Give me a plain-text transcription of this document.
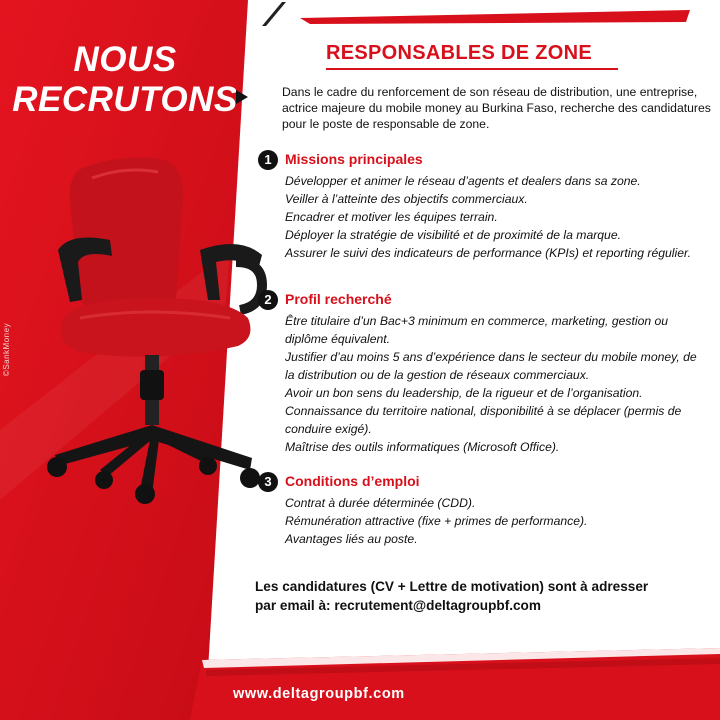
NOUS
RECRUTONS
©SankMoney
RESPONSABLES DE ZONE
Dans le cadre du renforcement de son réseau de distribution, une entreprise, actrice majeure du mobile money au Burkina Faso, recherche des candidatures pour le poste de responsable de zone.
1 Missions principales
Développer et animer le réseau d’agents et dealers dans sa zone.
Veiller à l’atteinte des objectifs commerciaux.
Encadrer et motiver les équipes terrain.
Déployer la stratégie de visibilité et de proximité de la marque.
Assurer le suivi des indicateurs de performance (KPIs) et reporting régulier.
2 Profil recherché
Être titulaire d’un Bac+3 minimum en commerce, marketing, gestion ou diplôme équivalent.
Justifier d’au moins 5 ans d’expérience dans le secteur du mobile money, de la distribution ou de la gestion de réseaux commerciaux.
Avoir un bon sens du leadership, de la rigueur et de l’organisation.
Connaissance du territoire national, disponibilité à se déplacer (permis de conduire exigé).
Maîtrise des outils informatiques (Microsoft Office).
3 Conditions d’emploi
Contrat à durée déterminée (CDD).
Rémunération attractive (fixe + primes de performance).
Avantages liés au poste.
Les candidatures (CV + Lettre de motivation) sont à adresser
par email à: recrutement@deltagroupbf.com
www.deltagroupbf.com
